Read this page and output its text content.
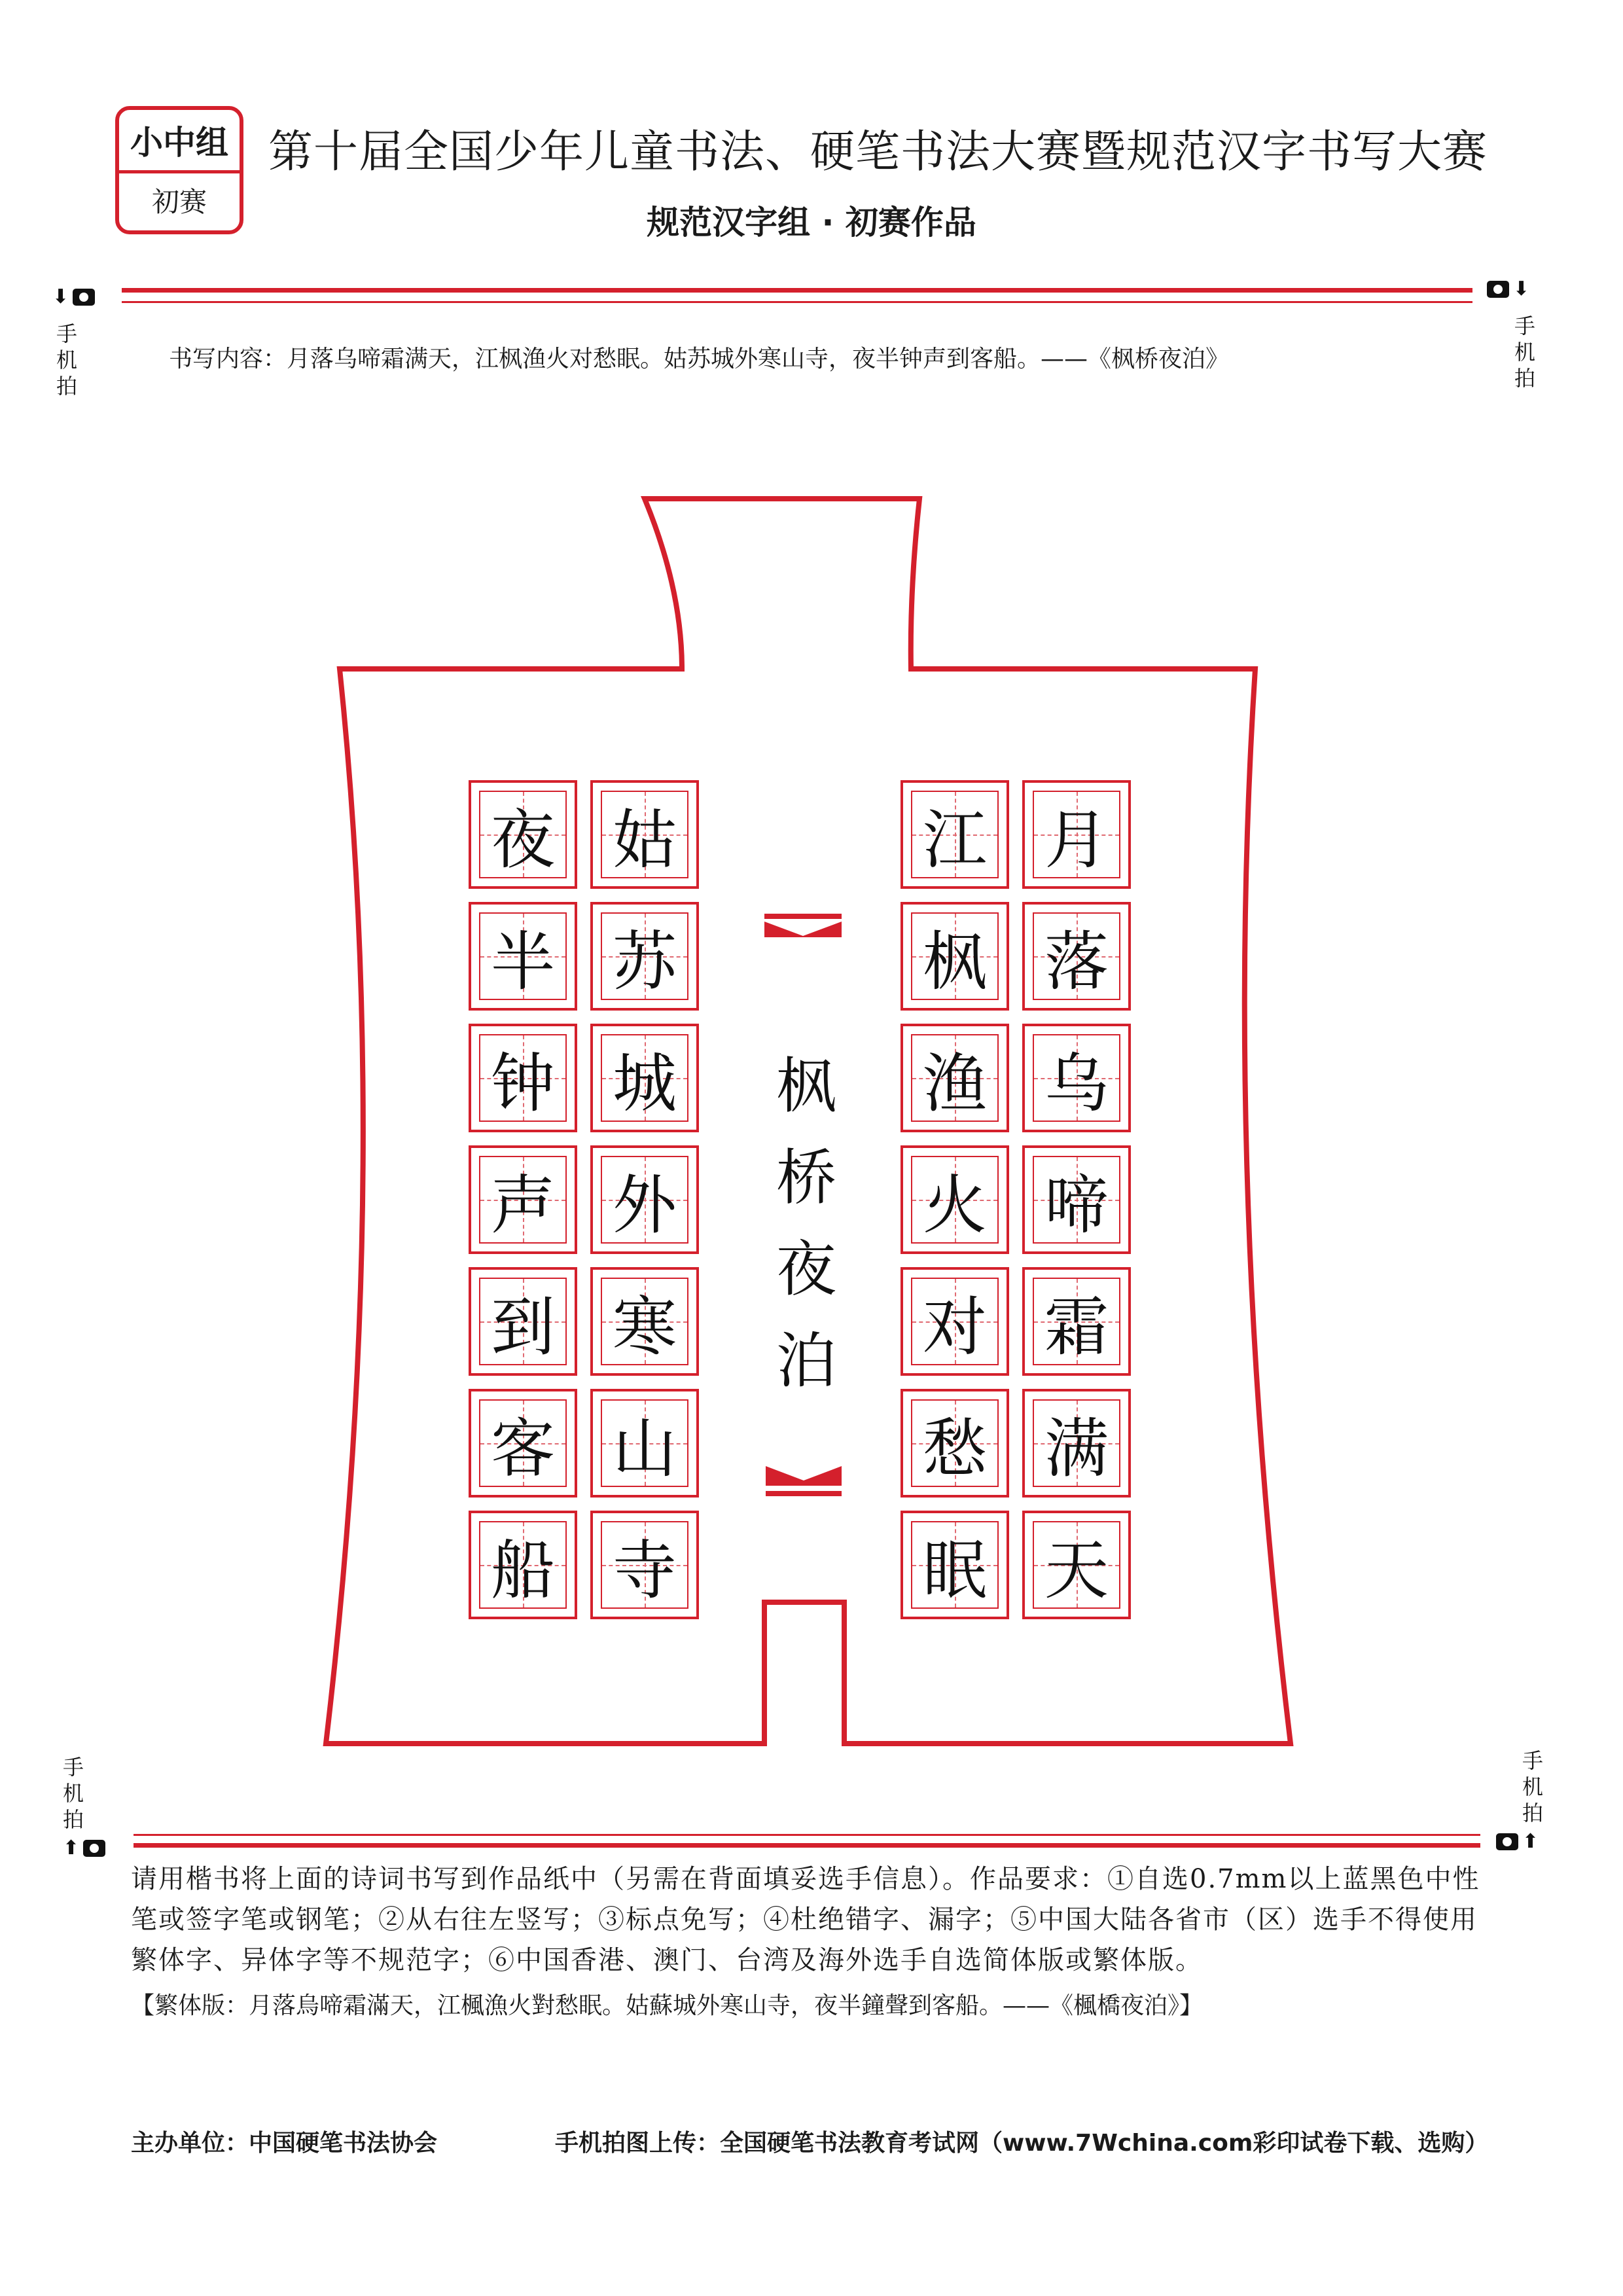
小中组
初赛
第十届全国少年儿童书法、硬笔书法大赛暨规范汉字书写大赛
规范汉字组 · 初赛作品
⬇
手
机
拍
⬇
手
机
拍
书写内容：月落乌啼霜满天，江枫渔火对愁眠。姑苏城外寒山寺，夜半钟声到客船。——《枫桥夜泊》
月
落
乌
啼
霜
满
天
江
枫
渔
火
对
愁
眠
姑
苏
城
外
寒
山
寺
夜
半
钟
声
到
客
船
枫
桥
夜
泊
手
机
拍
⬆
手
机
拍
⬆
请用楷书将上面的诗词书写到作品纸中（另需在背面填妥选手信息）。作品要求：①自选0.7mm以上蓝黑色中性笔或签字笔或钢笔；②从右往左竖写；③标点免写；④杜绝错字、漏字；⑤中国大陆各省市（区）选手不得使用繁体字、异体字等不规范字；⑥中国香港、澳门、台湾及海外选手自选简体版或繁体版。
【繁体版：月落烏啼霜滿天，江楓漁火對愁眠。姑蘇城外寒山寺，夜半鐘聲到客船。——《楓橋夜泊》】
主办单位：中国硬笔书法协会	手机拍图上传：全国硬笔书法教育考试网（www.7Wchina.com彩印试卷下载、选购）
